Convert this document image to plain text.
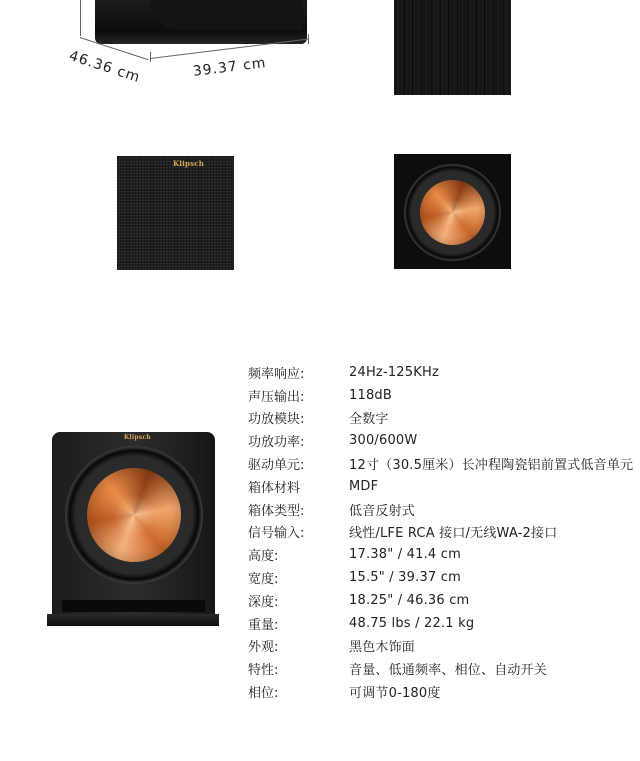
46.36 cm	39.37 cm
Klipsch
Klipsch
频率响应:	24Hz-125KHz
声压输出:	118dB
功放模块:	全数字
功放功率:	300/600W
驱动单元:	12寸（30.5厘米）长冲程陶瓷铝前置式低音单元
箱体材料	MDF
箱体类型:	低音反射式
信号输入:	线性/LFE RCA 接口/无线WA-2接口
高度:	17.38" / 41.4 cm
宽度:	15.5" / 39.37 cm
深度:	18.25" / 46.36 cm
重量:	48.75 lbs / 22.1 kg
外观:	黑色木饰面
特性:	音量、低通频率、相位、自动开关
相位:	可调节0-180度
